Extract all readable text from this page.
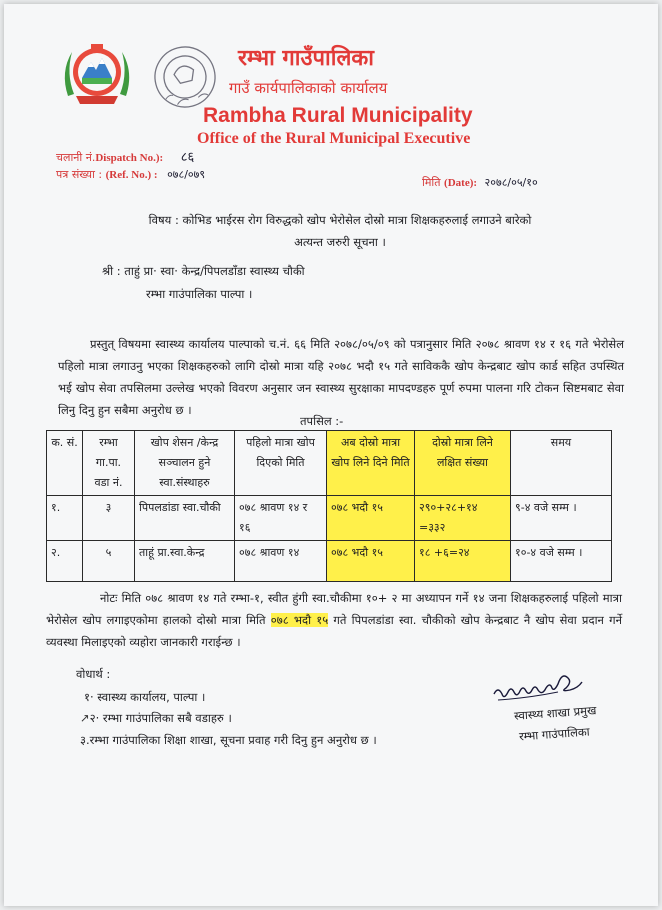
रम्भा गाउँपालिका
गाउँ कार्यपालिकाको कार्यालय
Rambha Rural Municipality
Office of the Rural Municipal Executive
चलानी नं.Dispatch No.): ८६
पत्र संख्या : (Ref. No.) : ०७८/०७९
मिति (Date): २०७८/०५/१०
विषय : कोभिड भाईरस रोग विरुद्धको खोप भेरोसेल दोस्रो मात्रा शिक्षकहरुलाई लगाउने बारेको
अत्यन्त जरुरी सूचना ।
श्री : ताहुं प्रा· स्वा· केन्द्र/पिपलडाँडा स्वास्थ्य चौकी
रम्भा गाउंपालिका पाल्पा ।
प्रस्तुत् विषयमा स्वास्थ्य कार्यालय पाल्पाको च.नं. ६६ मिति २०७८/०५/०९ को पत्रानुसार मिति २०७८ श्रावण १४ र १६ गते भेरोसेल पहिलो मात्रा लगाउनु भएका शिक्षकहरुको लागि दोस्रो मात्रा यहि २०७८ भदौ १५ गते साविककै खोप केन्द्रबाट खोप कार्ड सहित उपस्थित भई खोप सेवा तपसिलमा उल्लेख भएको विवरण अनुसार जन स्वास्थ्य सुरक्षाका मापदण्डहरु पूर्ण रुपमा पालना गरि टोकन सिष्टमबाट सेवा लिनु दिनु हुन सबैमा अनुरोध छ ।
तपसिल :-
क. सं.	रम्भा गा.पा. वडा नं.	खोप शेसन /केन्द्र सञ्चालन हुने स्वा.संस्थाहरु	पहिलो मात्रा खोप दिएको मिति	अब दोस्रो मात्रा खोप लिने दिने मिति	दोस्रो मात्रा लिने लक्षित संख्या	समय
१.	३	पिपलडांडा स्वा.चौकी	०७८ श्रावण १४ र १६	०७८ भदौ १५	२९०+२८+१४ =३३२	९-४ वजे सम्म ।
२.	५	ताहूं प्रा.स्वा.केन्द्र	०७८ श्रावण १४	०७८ भदौ १५	१८ +६=२४	१०-४ वजे सम्म ।
नोटः मिति ०७८ श्रावण १४ गते रम्भा-१, स्वीत हुंगी स्वा.चौकीमा १०+ २ मा अध्यापन गर्ने १४ जना शिक्षकहरुलाई पहिलो मात्रा भेरोसेल खोप लगाइएकोमा हालको दोस्रो मात्रा मिति ०७८ भदौ १५ गते पिपलडांडा स्वा. चौकीको खोप केन्द्रबाट नै खोप सेवा प्रदान गर्ने व्यवस्था मिलाइएको व्यहोरा जानकारी गराईन्छ ।
वोधार्थ :
१· स्वास्थ्य कार्यालय, पाल्पा ।
↗२· रम्भा गाउंपालिका सबै वडाहरु ।
३.रम्भा गाउंपालिका शिक्षा शाखा, सूचना प्रवाह गरी दिनु हुन अनुरोध छ ।
स्वास्थ्य शाखा प्रमुख
रम्भा गाउंपालिका
